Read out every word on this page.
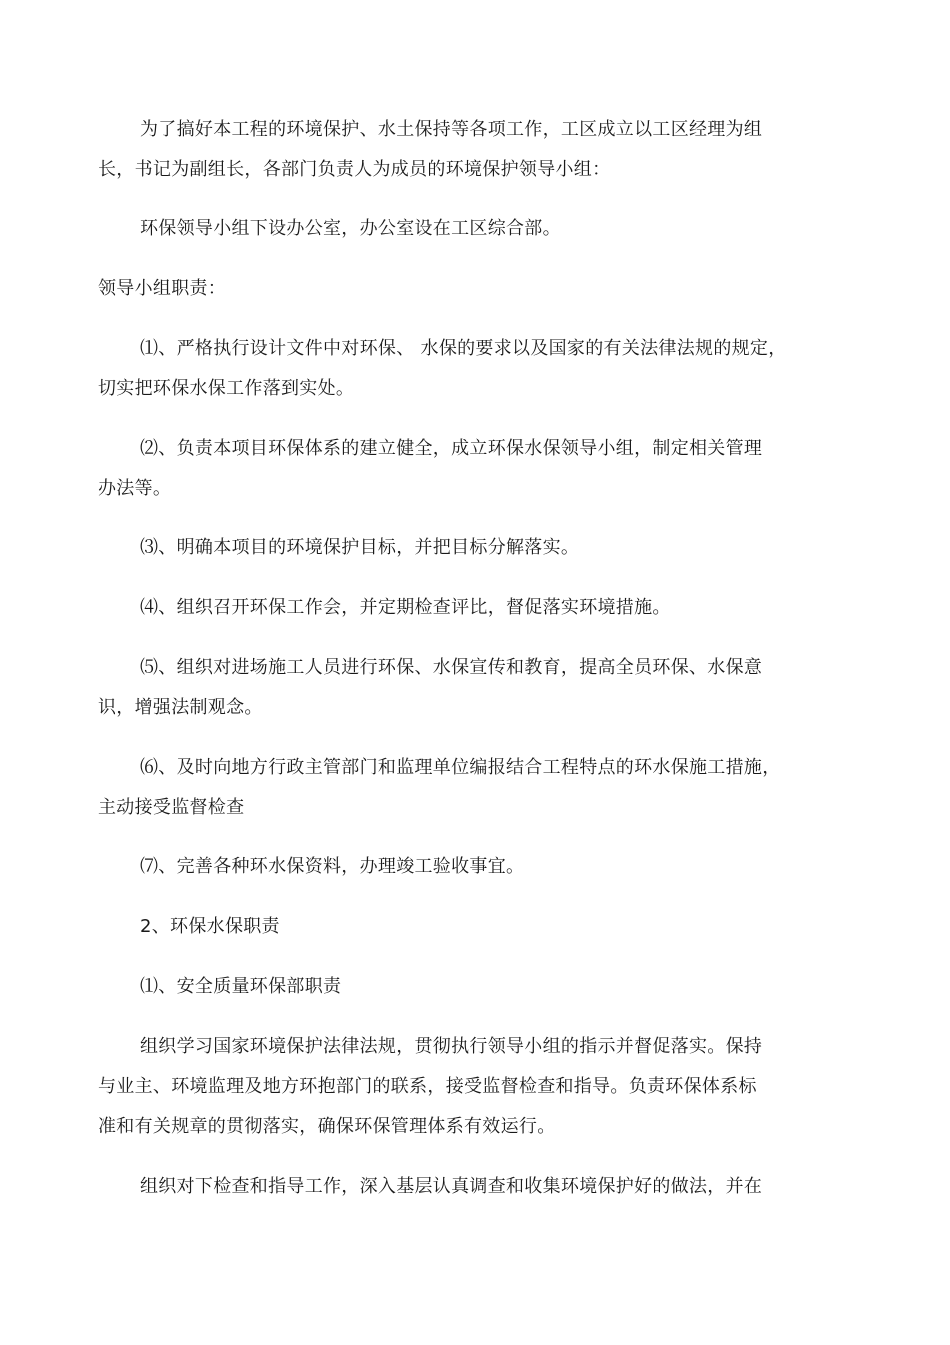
为了搞好本工程的环境保护、水土保持等各项工作，工区成立以工区经理为组
长，书记为副组长，各部门负责人为成员的环境保护领导小组：
环保领导小组下设办公室，办公室设在工区综合部。
领导小组职责：
⑴、严格执行设计文件中对环保、 水保的要求以及国家的有关法律法规的规定，
切实把环保水保工作落到实处。
⑵、负责本项目环保体系的建立健全，成立环保水保领导小组，制定相关管理
办法等。
⑶、明确本项目的环境保护目标，并把目标分解落实。
⑷、组织召开环保工作会，并定期检查评比，督促落实环境措施。
⑸、组织对进场施工人员进行环保、水保宣传和教育，提高全员环保、水保意
识，增强法制观念。
⑹、及时向地方行政主管部门和监理单位编报结合工程特点的环水保施工措施，
主动接受监督检查
⑺、完善各种环水保资料，办理竣工验收事宜。
2、环保水保职责
⑴、安全质量环保部职责
组织学习国家环境保护法律法规，贯彻执行领导小组的指示并督促落实。保持
与业主、环境监理及地方环抱部门的联系，接受监督检查和指导。负责环保体系标
准和有关规章的贯彻落实，确保环保管理体系有效运行。
组织对下检查和指导工作，深入基层认真调查和收集环境保护好的做法，并在
